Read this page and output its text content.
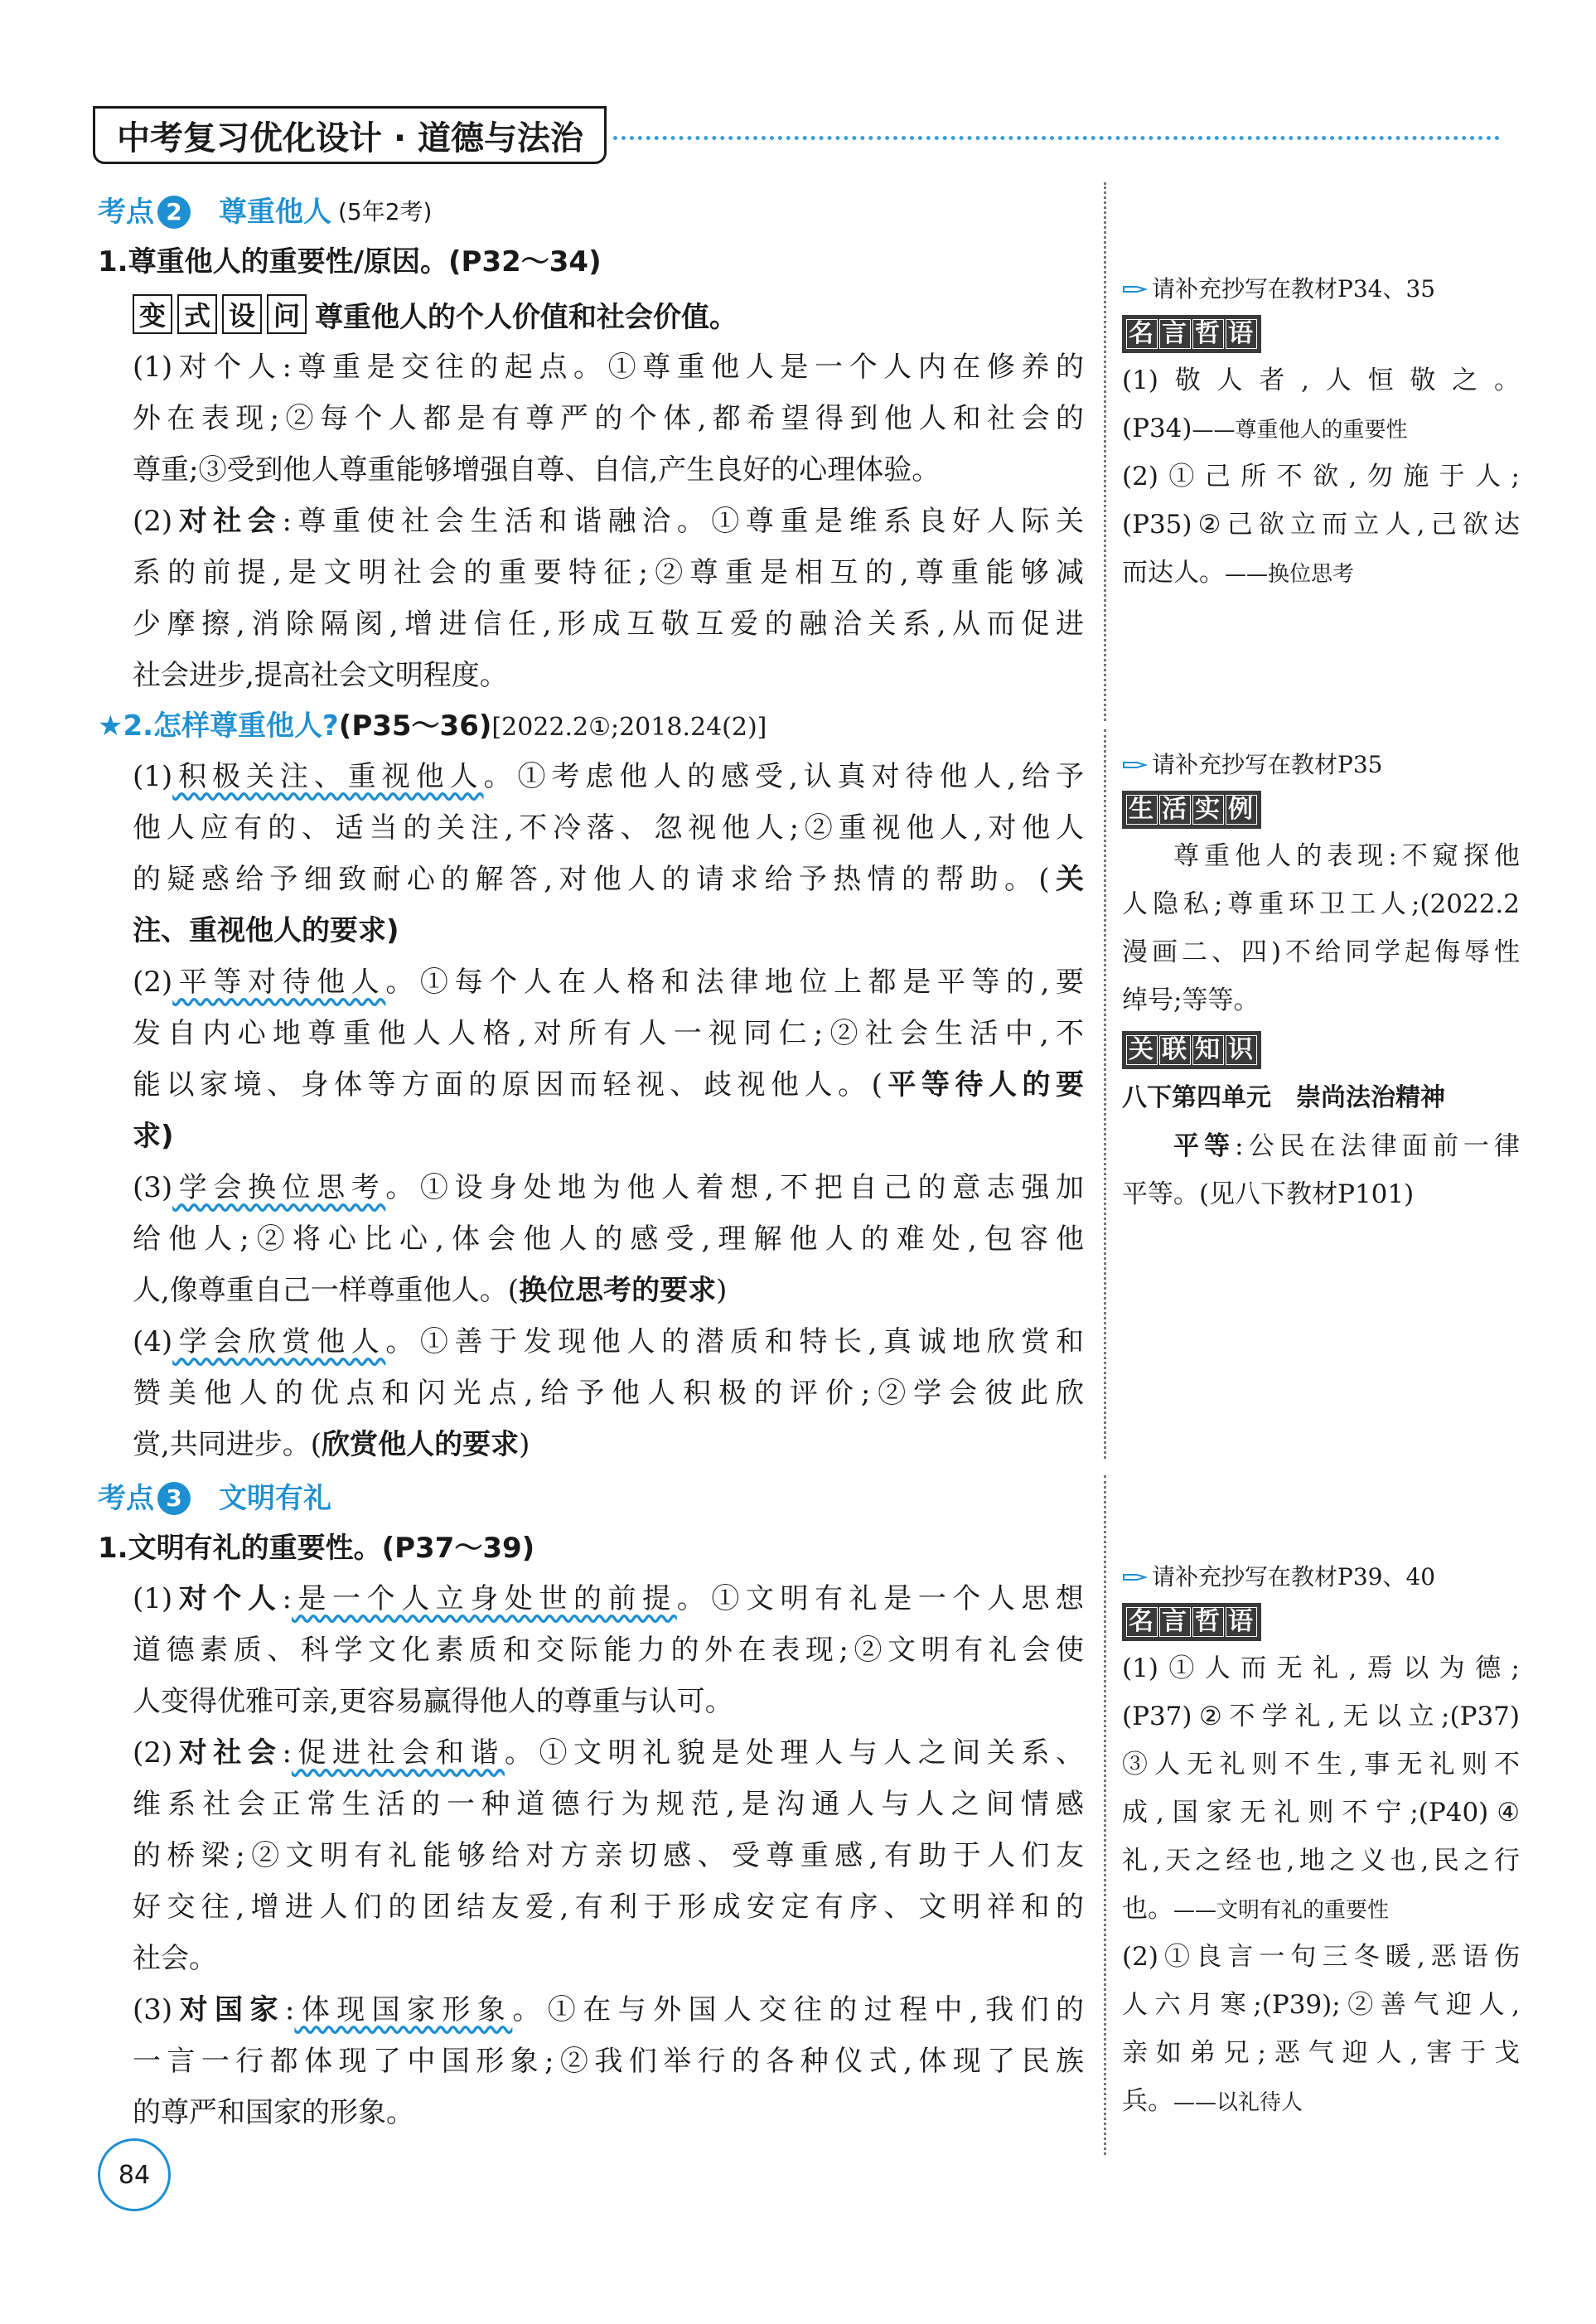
中考复习优化设计 · 道德与法治
考点 2	尊重他人 (5年2考)
1.尊重他人的重要性/原因。(P32～34)
变 式 设 问 尊重他人的个人价值和社会价值。
(1)对个人:尊重是交往的起点。①尊重他人是一个人内在修养的
外在表现;②每个人都是有尊严的个体,都希望得到他人和社会的
尊重;③受到他人尊重能够增强自尊、自信,产生良好的心理体验。
(2)对社会:尊重使社会生活和谐融洽。①尊重是维系良好人际关
系的前提,是文明社会的重要特征;②尊重是相互的,尊重能够减
少摩擦,消除隔阂,增进信任,形成互敬互爱的融洽关系,从而促进
社会进步,提高社会文明程度。
★2.怎样尊重他人?(P35～36)[2022.2①;2018.24(2)]
(1)积极关注、重视他人。①考虑他人的感受,认真对待他人,给予
他人应有的、适当的关注,不冷落、忽视他人;②重视他人,对他人
的疑惑给予细致耐心的解答,对他人的请求给予热情的帮助。(关
注、重视他人的要求)
(2)平等对待他人。①每个人在人格和法律地位上都是平等的,要
发自内心地尊重他人人格,对所有人一视同仁;②社会生活中,不
能以家境、身体等方面的原因而轻视、歧视他人。(平等待人的要
求)
(3)学会换位思考。①设身处地为他人着想,不把自己的意志强加
给他人;②将心比心,体会他人的感受,理解他人的难处,包容他
人,像尊重自己一样尊重他人。(换位思考的要求)
(4)学会欣赏他人。①善于发现他人的潜质和特长,真诚地欣赏和
赞美他人的优点和闪光点,给予他人积极的评价;②学会彼此欣
赏,共同进步。(欣赏他人的要求)
考点 3	文明有礼
1.文明有礼的重要性。(P37～39)
(1)对个人:是一个人立身处世的前提。①文明有礼是一个人思想
道德素质、科学文化素质和交际能力的外在表现;②文明有礼会使
人变得优雅可亲,更容易赢得他人的尊重与认可。
(2)对社会:促进社会和谐。①文明礼貌是处理人与人之间关系、
维系社会正常生活的一种道德行为规范,是沟通人与人之间情感
的桥梁;②文明有礼能够给对方亲切感、受尊重感,有助于人们友
好交往,增进人们的团结友爱,有利于形成安定有序、文明祥和的
社会。
(3)对国家:体现国家形象。①在与外国人交往的过程中,我们的
一言一行都体现了中国形象;②我们举行的各种仪式,体现了民族
的尊严和国家的形象。
请补充抄写在教材P34、35
名 言 哲 语
(1)敬人者,人恒敬之。
(P34)——尊重他人的重要性
(2)①己所不欲,勿施于人;
(P35)②己欲立而立人,己欲达
而达人。——换位思考
请补充抄写在教材P35
生 活 实 例
尊重他人的表现:不窥探他
人隐私;尊重环卫工人;(2022.2
漫画二、四)不给同学起侮辱性
绰号;等等。
关 联 知 识
八下第四单元　崇尚法治精神
平等:公民在法律面前一律
平等。(见八下教材P101)
请补充抄写在教材P39、40
名 言 哲 语
(1)①人而无礼,焉以为德;
(P37)②不学礼,无以立;(P37)
③人无礼则不生,事无礼则不
成,国家无礼则不宁;(P40)④
礼,天之经也,地之义也,民之行
也。——文明有礼的重要性
(2)①良言一句三冬暖,恶语伤
人六月寒;(P39);②善气迎人,
亲如弟兄;恶气迎人,害于戈
兵。——以礼待人
84
